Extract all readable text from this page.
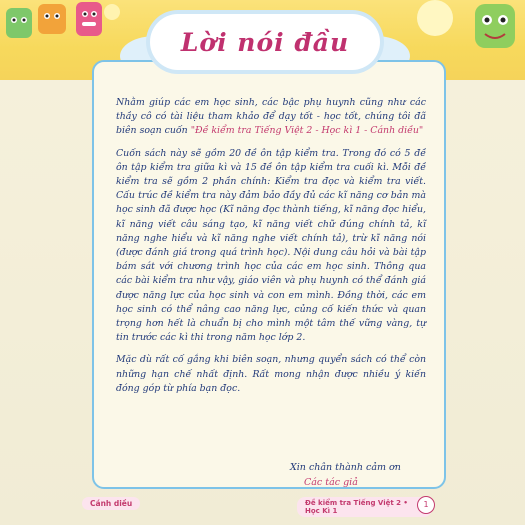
Lời nói đầu

Nhằm giúp các em học sinh, các bậc phụ huynh cũng như các thầy cô có tài liệu tham khảo để dạy tốt - học tốt, chúng tôi đã biên soạn cuốn "Đề kiểm tra Tiếng Việt 2 - Học kì 1 - Cánh diều"

Cuốn sách này sẽ gồm 20 đề ôn tập kiểm tra. Trong đó có 5 đề ôn tập kiểm tra giữa kì và 15 đề ôn tập kiểm tra cuối kì. Mỗi đề kiểm tra sẽ gồm 2 phần chính: Kiểm tra đọc và kiểm tra viết. Cấu trúc đề kiểm tra này đảm bảo đầy đủ các kĩ năng cơ bản mà học sinh đã được học (Kĩ năng đọc thành tiếng, kĩ năng đọc hiểu, kĩ năng viết câu sáng tạo, kĩ năng viết chữ đúng chính tả, kĩ năng nghe hiểu và kĩ năng nghe viết chính tả), trừ kĩ năng nói (được đánh giá trong quá trình học). Nội dung câu hỏi và bài tập bám sát với chương trình học của các em học sinh. Thông qua các bài kiểm tra như vậy, giáo viên và phụ huynh có thể đánh giá được năng lực của học sinh và con em mình. Đồng thời, các em học sinh có thể nâng cao năng lực, củng cố kiến thức và quan trọng hơn hết là chuẩn bị cho mình một tâm thế vững vàng, tự tin trước các kì thi trong năm học lớp 2.

Mặc dù rất cố gắng khi biên soạn, nhưng quyển sách có thể còn những hạn chế nhất định. Rất mong nhận được nhiều ý kiến đóng góp từ phía bạn đọc.

Xin chân thành cảm ơn
Các tác giả
Cánh diều	Đề kiểm tra Tiếng Việt 2 • Học Kì 1
1
